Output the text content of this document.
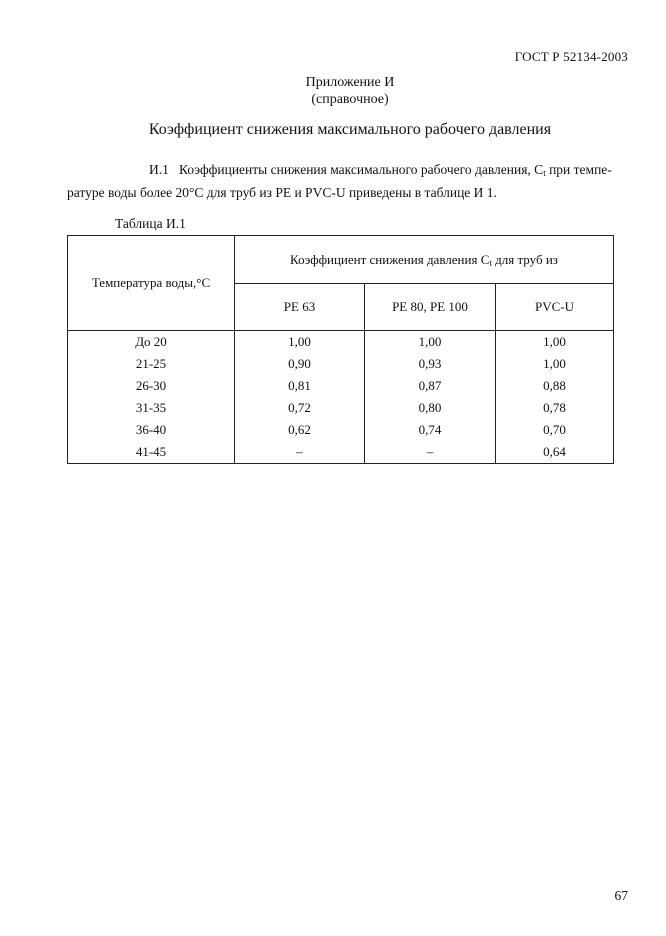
ГОСТ Р 52134-2003
Приложение И
(справочное)
Коэффициент снижения максимального рабочего давления
И.1 Коэффициенты снижения максимального рабочего давления, $C_t$ при темпе-
ратуре воды более 20°C для труб из PE и PVC-U приведены в таблице И 1.
Таблица И.1
Температура воды,°C	Коэффициент снижения давления $C_t$ для труб из		
	PE 63	PE 80, PE 100	PVC-U
До 20	1,00	1,00	1,00
21-25	0,90	0,93	1,00
26-30	0,81	0,87	0,88
31-35	0,72	0,80	0,78
36-40	0,62	0,74	0,70
41-45	–	–	0,64
67
